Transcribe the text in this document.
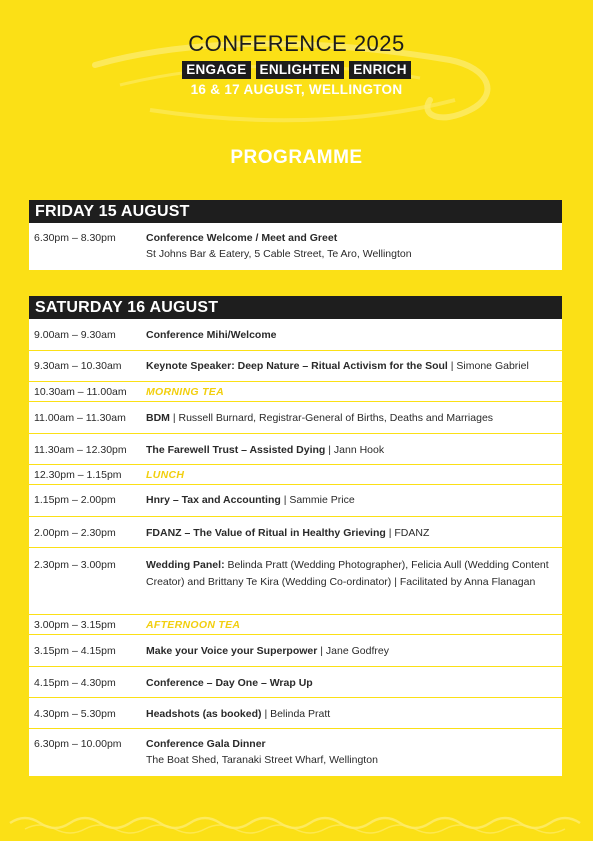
CONFERENCE 2025
ENGAGE ENLIGHTEN ENRICH
16 & 17 AUGUST, WELLINGTON
PROGRAMME
FRIDAY 15 AUGUST
6.30pm – 8.30pm	Conference Welcome / Meet and Greet
St Johns Bar & Eatery, 5 Cable Street, Te Aro, Wellington
SATURDAY 16 AUGUST
9.00am – 9.30am	Conference Mihi/Welcome
9.30am – 10.30am	Keynote Speaker: Deep Nature – Ritual Activism for the Soul | Simone Gabriel
10.30am – 11.00am	MORNING TEA
11.00am – 11.30am	BDM | Russell Burnard, Registrar-General of Births, Deaths and Marriages
11.30am – 12.30pm	The Farewell Trust – Assisted Dying | Jann Hook
12.30pm – 1.15pm	LUNCH
1.15pm – 2.00pm	Hnry – Tax and Accounting | Sammie Price
2.00pm – 2.30pm	FDANZ – The Value of Ritual in Healthy Grieving | FDANZ
2.30pm – 3.00pm	Wedding Panel: Belinda Pratt (Wedding Photographer), Felicia Aull (Wedding Content Creator) and Brittany Te Kira (Wedding Co-ordinator) | Facilitated by Anna Flanagan
3.00pm – 3.15pm	AFTERNOON TEA
3.15pm – 4.15pm	Make your Voice your Superpower | Jane Godfrey
4.15pm – 4.30pm	Conference – Day One – Wrap Up
4.30pm – 5.30pm	Headshots (as booked) | Belinda Pratt
6.30pm – 10.00pm	Conference Gala Dinner
The Boat Shed, Taranaki Street Wharf, Wellington
